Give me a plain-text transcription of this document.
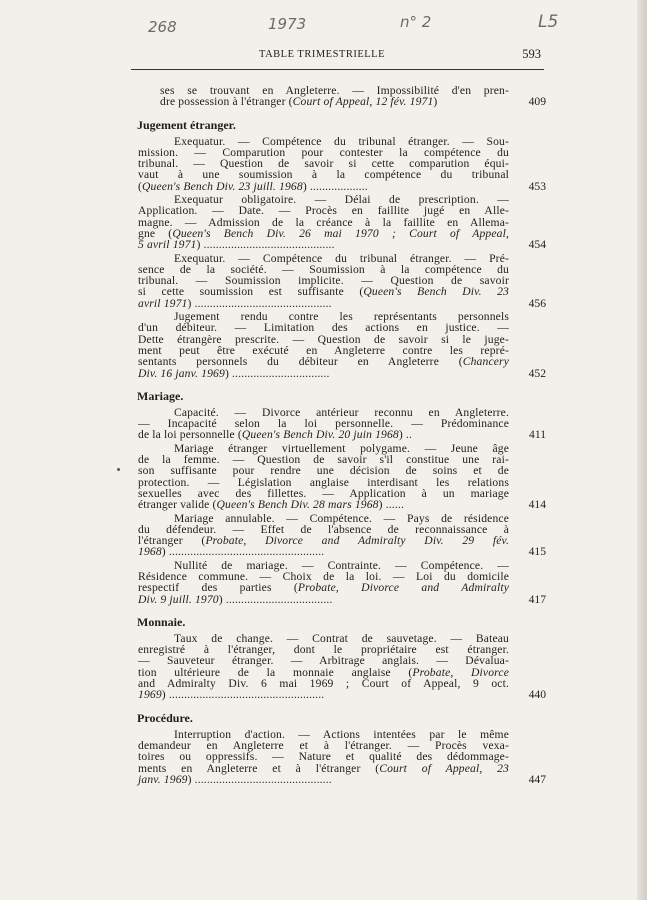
268	1973	n° 2	L5
TABLE TRIMESTRIELLE	593
ses se trouvant en Angleterre. — Impossibilité d'en pren-
dre possession à l'étranger (Court of Appeal, 12 fév. 1971)	409
Jugement étranger.
Exequatur. — Compétence du tribunal étranger. — Sou-
mission. — Comparution pour contester la compétence du
tribunal. — Question de savoir si cette comparution équi-
vaut à une soumission à la compétence du tribunal
(Queen's Bench Div. 23 juill. 1968) ...................	453
Exequatur obligatoire. — Délai de prescription. —
Application. — Date. — Procès en faillite jugé en Alle-
magne. — Admission de la créance à la faillite en Allema-
gne (Queen's Bench Div. 26 mai 1970 ; Court of Appeal,
5 avril 1971) ...........................................	454
Exequatur. — Compétence du tribunal étranger. — Pré-
sence de la société. — Soumission à la compétence du
tribunal. — Soumission implicite. — Question de savoir
si cette soumission est suffisante (Queen's Bench Div. 23
avril 1971) .............................................	456
Jugement rendu contre les représentants personnels
d'un débiteur. — Limitation des actions en justice. —
Dette étrangère prescrite. — Question de savoir si le juge-
ment peut être exécuté en Angleterre contre les repré-
sentants personnels du débiteur en Angleterre (Chancery
Div. 16 janv. 1969) ................................	452
Mariage.
Capacité. — Divorce antérieur reconnu en Angleterre.
— Incapacité selon la loi personnelle. — Prédominance
de la loi personnelle (Queen's Bench Div. 20 juin 1968) ..	411
Mariage étranger virtuellement polygame. — Jeune âge
de la femme. — Question de savoir s'il constitue une rai-
son suffisante pour rendre une décision de soins et de
protection. — Législation anglaise interdisant les relations
sexuelles avec des fillettes. — Application à un mariage
étranger valide (Queen's Bench Div. 28 mars 1968) ......	414
Mariage annulable. — Compétence. — Pays de résidence
du défendeur. — Effet de l'absence de reconnaissance à
l'étranger (Probate, Divorce and Admiralty Div. 29 fév.
1968) ...................................................	415
Nullité de mariage. — Contrainte. — Compétence. —
Résidence commune. — Choix de la loi. — Loi du domicile
respectif des parties (Probate, Divorce and Admiralty
Div. 9 juill. 1970) ...................................	417
Monnaie.
Taux de change. — Contrat de sauvetage. — Bateau
enregistré à l'étranger, dont le propriétaire est étranger.
— Sauveteur étranger. — Arbitrage anglais. — Dévalua-
tion ultérieure de la monnaie anglaise (Probate, Divorce
and Admiralty Div. 6 mai 1969 ; Court of Appeal, 9 oct.
1969) ...................................................	440
Procédure.
Interruption d'action. — Actions intentées par le même
demandeur en Angleterre et à l'étranger. — Procès vexa-
toires ou oppressifs. — Nature et qualité des dédommage-
ments en Angleterre et à l'étranger (Court of Appeal, 23
janv. 1969) .............................................	447
